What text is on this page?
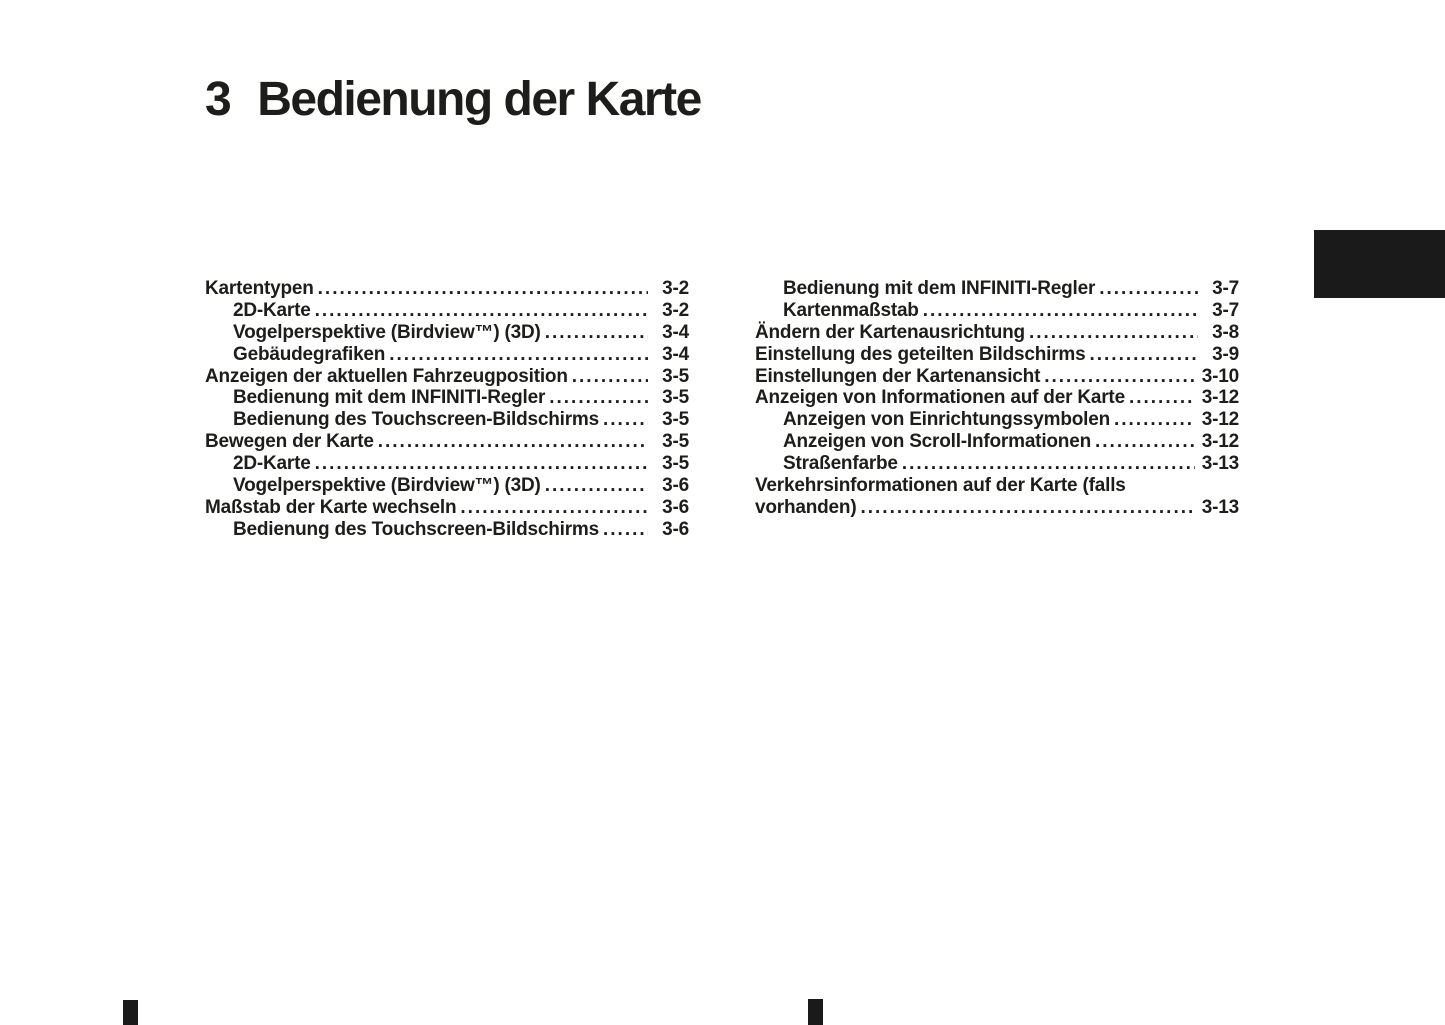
3 Bedienung der Karte
Kartentypen .....	3-2
2D-Karte .....	3-2
Vogelperspektive (Birdview™) (3D) .....	3-4
Gebäudegrafiken .....	3-4
Anzeigen der aktuellen Fahrzeugposition .....	3-5
Bedienung mit dem INFINITI-Regler .....	3-5
Bedienung des Touchscreen-Bildschirms .....	3-5
Bewegen der Karte .....	3-5
2D-Karte .....	3-5
Vogelperspektive (Birdview™) (3D) .....	3-6
Maßstab der Karte wechseln .....	3-6
Bedienung des Touchscreen-Bildschirms .....	3-6
Bedienung mit dem INFINITI-Regler .....	3-7
Kartenmaßstab .....	3-7
Ändern der Kartenausrichtung .....	3-8
Einstellung des geteilten Bildschirms .....	3-9
Einstellungen der Kartenansicht .....	3-10
Anzeigen von Informationen auf der Karte .....	3-12
Anzeigen von Einrichtungssymbolen .....	3-12
Anzeigen von Scroll-Informationen .....	3-12
Straßenfarbe .....	3-13
Verkehrsinformationen auf der Karte (falls
vorhanden) .....	3-13
